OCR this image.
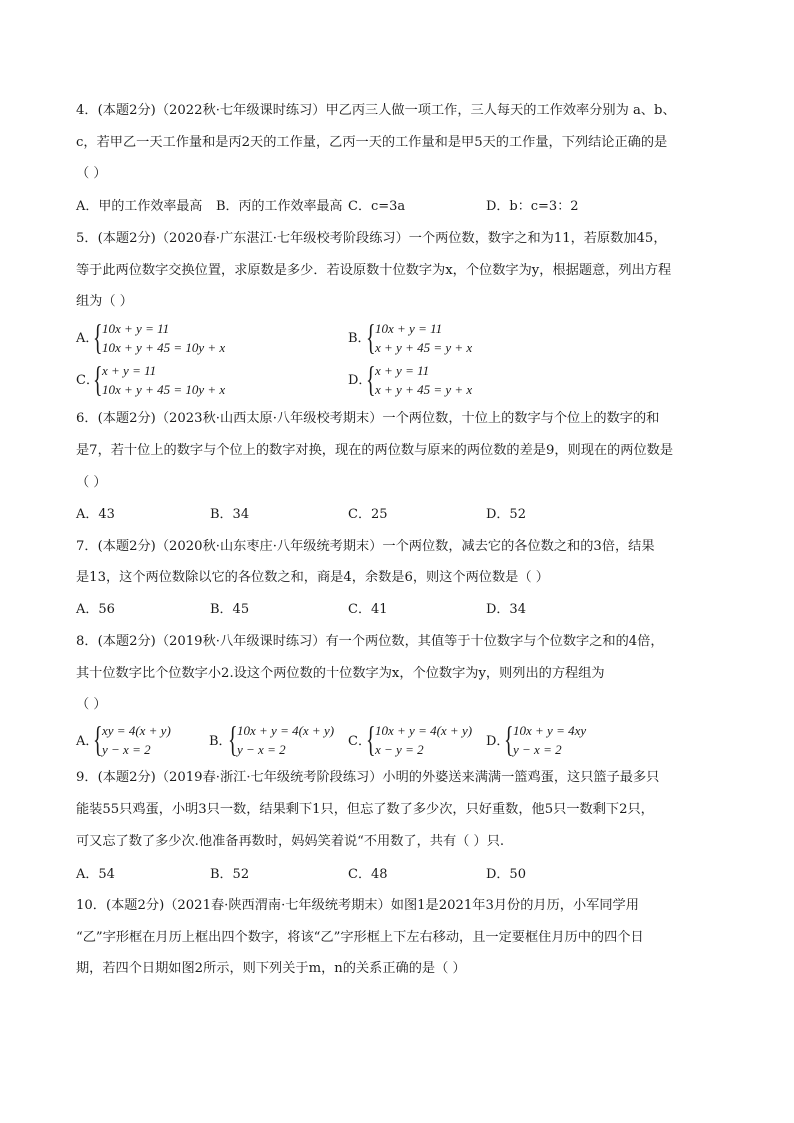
4．(本题2分)（2022秋·七年级课时练习）甲乙丙三人做一项工作，三人每天的工作效率分别为 a、b、
c，若甲乙一天工作量和是丙2天的工作量，乙丙一天的工作量和是甲5天的工作量，下列结论正确的是
（ ）
A．甲的工作效率最高 B．丙的工作效率最高 C．c=3a	D．b：c=3：2
5．(本题2分)（2020春·广东湛江·七年级校考阶段练习）一个两位数，数字之和为11，若原数加45，
等于此两位数字交换位置，求原数是多少．若设原数十位数字为x，个位数字为y，根据题意，列出方程
组为（ ）
A．
{ 10x + y = 11
10x + y + 45 = 10y + x
B．
{ 10x + y = 11
x + y + 45 = y + x
C．
{ x + y = 11
10x + y + 45 = 10y + x
D．
{ x + y = 11
x + y + 45 = y + x
6．(本题2分)（2023秋·山西太原·八年级校考期末）一个两位数，十位上的数字与个位上的数字的和
是7，若十位上的数字与个位上的数字对换，现在的两位数与原来的两位数的差是9，则现在的两位数是
（ ）
A．43	B．34	C．25	D．52
7．(本题2分)（2020秋·山东枣庄·八年级统考期末）一个两位数，减去它的各位数之和的3倍，结果
是13，这个两位数除以它的各位数之和，商是4，余数是6，则这个两位数是（ ）
A．56	B．45	C．41	D．34
8．(本题2分)（2019秋·八年级课时练习）有一个两位数，其值等于十位数字与个位数字之和的4倍，
其十位数字比个位数字小2.设这个两位数的十位数字为x，个位数字为y，则列出的方程组为
（ ）
A．
{ xy = 4(x + y)
y − x = 2
B．
{ 10x + y = 4(x + y)
y − x = 2
C．
{ 10x + y = 4(x + y)
x − y = 2
D．
{ 10x + y = 4xy
y − x = 2
9．(本题2分)（2019春·浙江·七年级统考阶段练习）小明的外婆送来满满一篮鸡蛋，这只篮子最多只
能装55只鸡蛋，小明3只一数，结果剩下1只，但忘了数了多少次，只好重数，他5只一数剩下2只，
可又忘了数了多少次.他准备再数时，妈妈笑着说“不用数了，共有（ ）只.
A．54	B．52	C．48	D．50
10．(本题2分)（2021春·陕西渭南·七年级统考期末）如图1是2021年3月份的月历，小军同学用
“乙”字形框在月历上框出四个数字，将该“乙”字形框上下左右移动，且一定要框住月历中的四个日
期，若四个日期如图2所示，则下列关于m，n的关系正确的是（ ）
